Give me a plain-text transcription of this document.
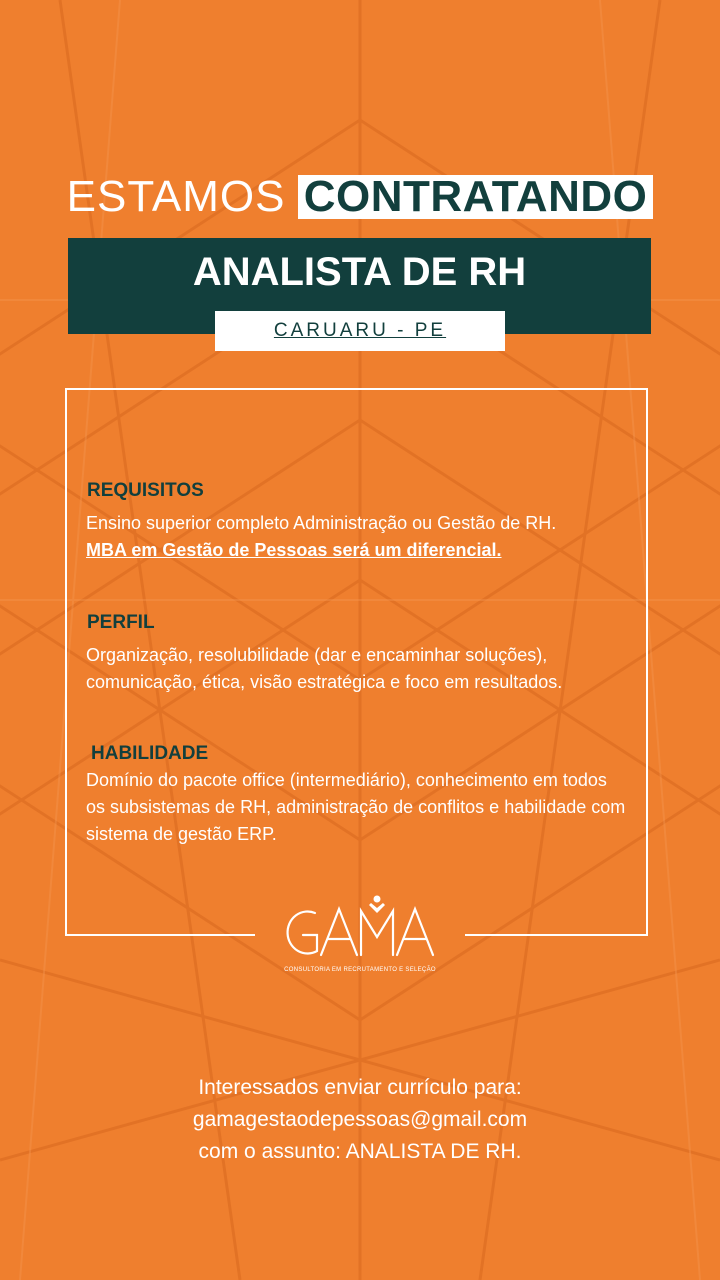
ESTAMOS CONTRATANDO
ANALISTA DE RH
CARUARU - PE
REQUISITOS
Ensino superior completo Administração ou Gestão de RH.
MBA em Gestão de Pessoas será um diferencial.
PERFIL
Organização, resolubilidade (dar e encaminhar soluções), comunicação, ética, visão estratégica e foco em resultados.
HABILIDADE
Domínio do pacote office (intermediário), conhecimento em todos os subsistemas de RH, administração de conflitos e habilidade com sistema de gestão ERP.
CONSULTORIA EM RECRUTAMENTO E SELEÇÃO
Interessados enviar currículo para:
gamagestaodepessoas@gmail.com
com o assunto: ANALISTA DE RH.
